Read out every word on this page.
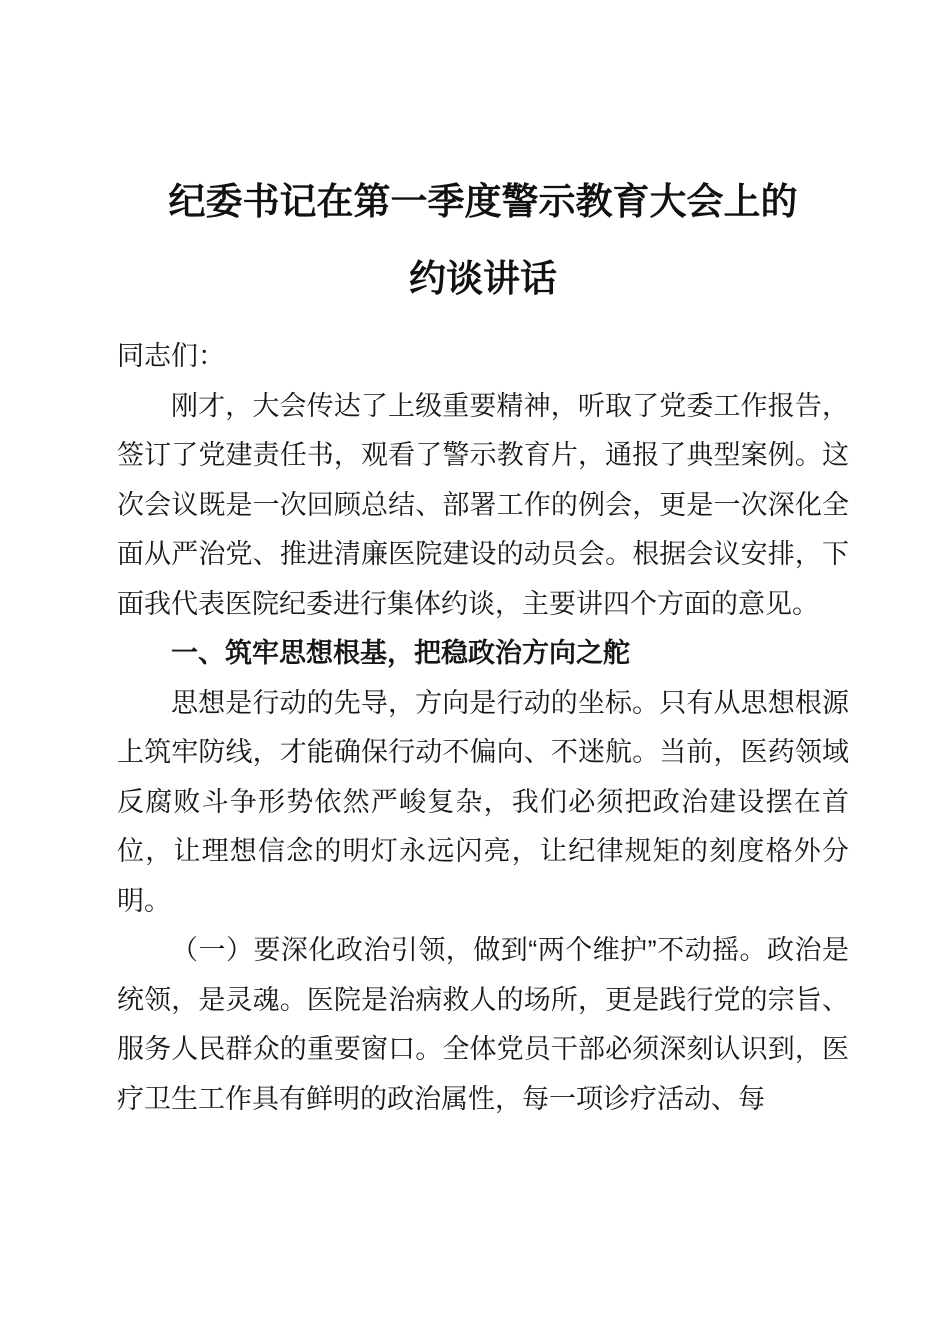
纪委书记在第一季度警示教育大会上的
约谈讲话

同志们：

刚才，大会传达了上级重要精神，听取了党委工作报告，签订了党建责任书，观看了警示教育片，通报了典型案例。这次会议既是一次回顾总结、部署工作的例会，更是一次深化全面从严治党、推进清廉医院建设的动员会。根据会议安排，下面我代表医院纪委进行集体约谈，主要讲四个方面的意见。

一、筑牢思想根基，把稳政治方向之舵

思想是行动的先导，方向是行动的坐标。只有从思想根源上筑牢防线，才能确保行动不偏向、不迷航。当前，医药领域反腐败斗争形势依然严峻复杂，我们必须把政治建设摆在首位，让理想信念的明灯永远闪亮，让纪律规矩的刻度格外分明。

（一）要深化政治引领，做到“两个维护”不动摇。政治是统领，是灵魂。医院是治病救人的场所，更是践行党的宗旨、服务人民群众的重要窗口。全体党员干部必须深刻认识到，医疗卫生工作具有鲜明的政治属性，每一项诊疗活动、每
